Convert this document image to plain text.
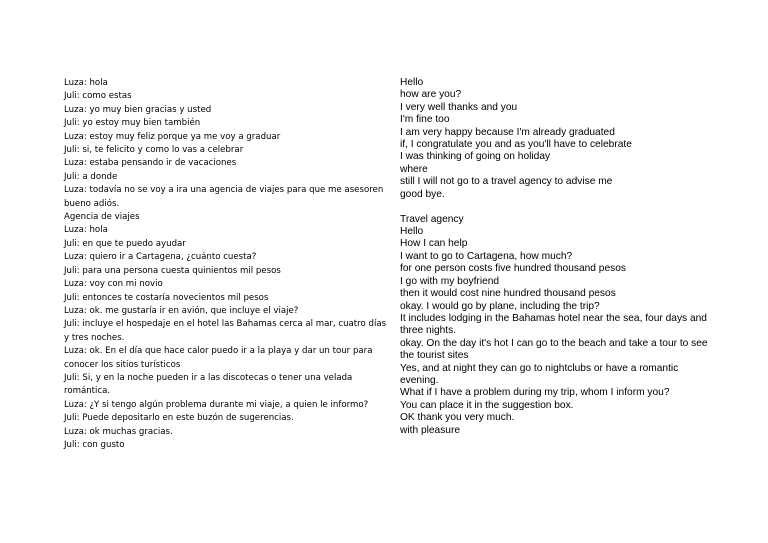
Luza: hola
Juli: como estas
Luza: yo muy bien gracias y usted
Juli: yo estoy muy bien también
Luza: estoy muy feliz porque ya me voy a graduar
Juli: si, te felicito y como lo vas a celebrar
Luza: estaba pensando ir de vacaciones
Juli: a donde
Luza: todavía no se voy a ira una agencia de viajes para que me asesoren
bueno adiós.
Agencia de viajes
Luza: hola
Juli: en que te puedo ayudar
Luza: quiero ir a Cartagena, ¿cuánto cuesta?
Juli: para una persona cuesta quinientos mil pesos
Luza: voy con mi novio
Juli: entonces te costaría novecientos mil pesos
Luza: ok. me gustaría ir en avión, que incluye el viaje?
Juli: incluye el hospedaje en el hotel las Bahamas cerca al mar, cuatro días
y tres noches.
Luza: ok. En el día que hace calor puedo ir a la playa y dar un tour para
conocer los sitios turísticos
Juli: Si, y en la noche pueden ir a las discotecas o tener una velada
romántica.
Luza: ¿Y si tengo algún problema durante mi viaje, a quien le informo?
Juli: Puede depositarlo en este buzón de sugerencias.
Luza: ok muchas gracias.
Juli: con gusto
Hello
how are you?
I very well thanks and you
I'm fine too
I am very happy because I'm already graduated
if, I congratulate you and as you'll have to celebrate
I was thinking of going on holiday
where
still I will not go to a travel agency to advise me
good bye.
Travel agency
Hello
How I can help
I want to go to Cartagena, how much?
for one person costs five hundred thousand pesos
I go with my boyfriend
then it would cost nine hundred thousand pesos
okay. I would go by plane, including the trip?
It includes lodging in the Bahamas hotel near the sea, four days and three nights.
okay. On the day it's hot I can go to the beach and take a tour to see the tourist sites
Yes, and at night they can go to nightclubs or have a romantic evening.
What if I have a problem during my trip, whom I inform you?
You can place it in the suggestion box.
OK thank you very much.
with pleasure
